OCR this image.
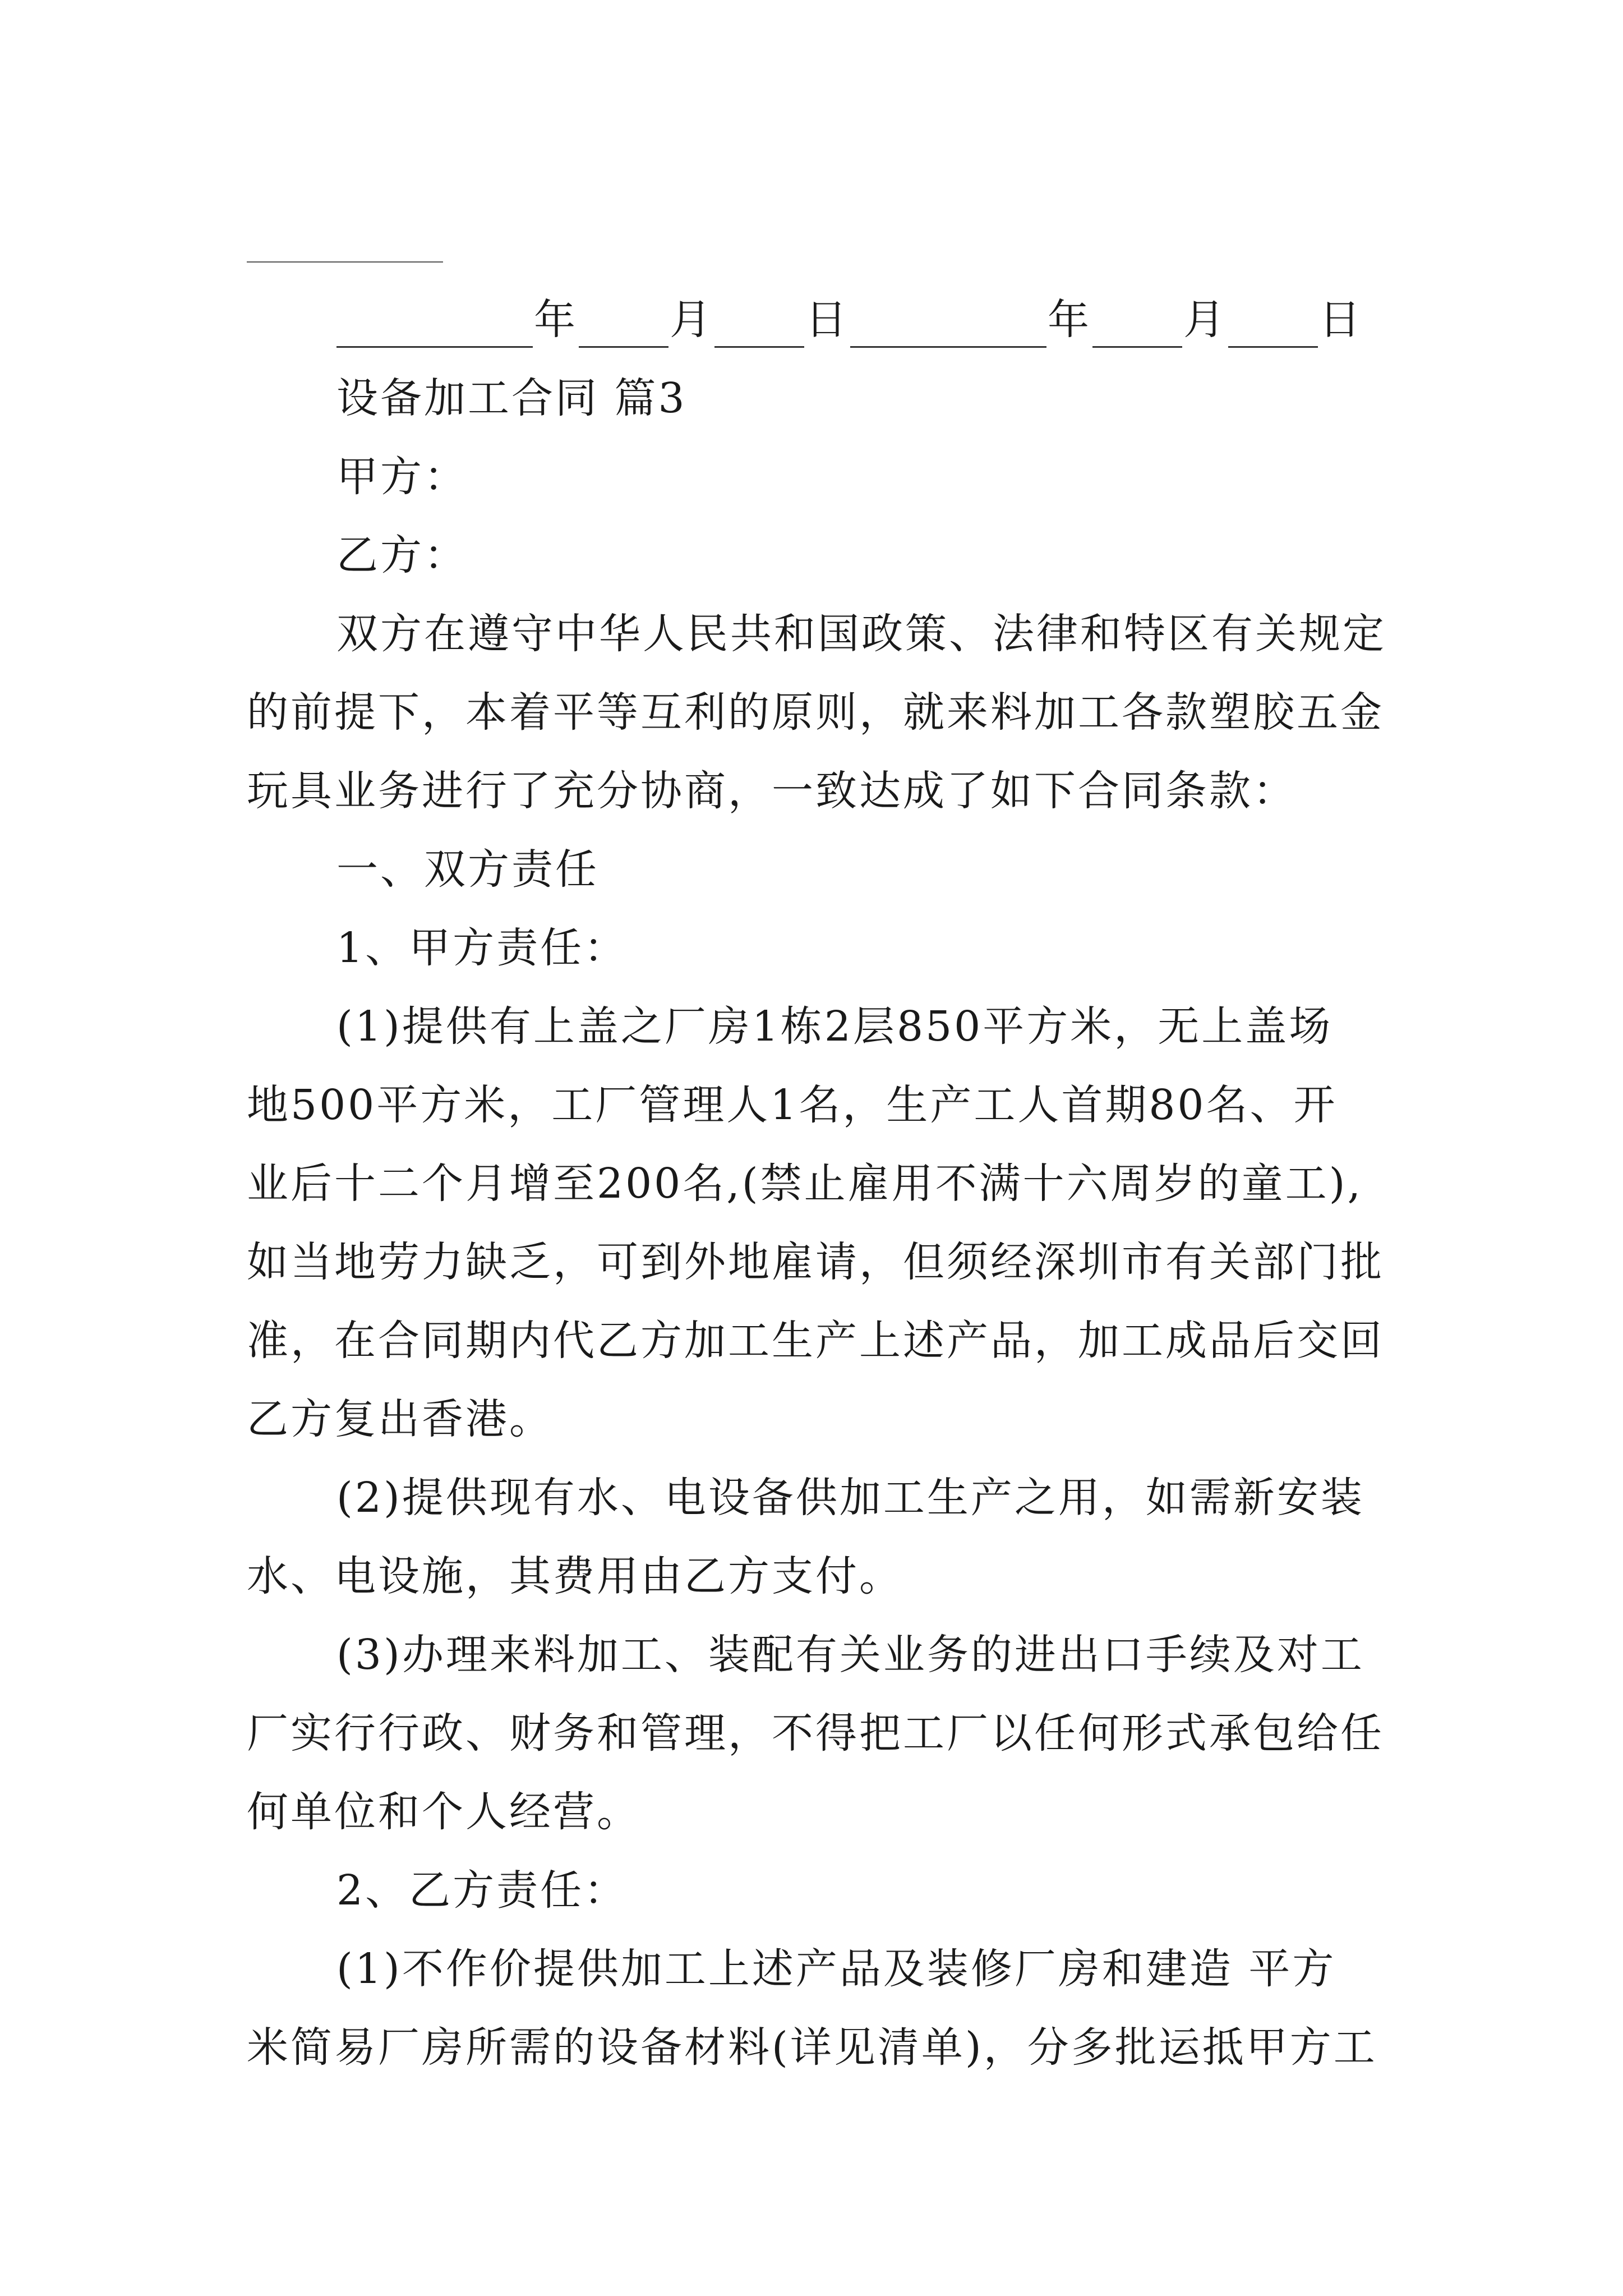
年 月 日	年 月 日
设备加工合同 篇3
甲方：
乙方：
双方在遵守中华人民共和国政策、法律和特区有关规定
的前提下，本着平等互利的原则，就来料加工各款塑胶五金
玩具业务进行了充分协商，一致达成了如下合同条款：
一、双方责任
1、甲方责任：
(1)提供有上盖之厂房1栋2层850平方米，无上盖场
地500平方米，工厂管理人1名，生产工人首期80名、开
业后十二个月增至200名,(禁止雇用不满十六周岁的童工),
如当地劳力缺乏，可到外地雇请，但须经深圳市有关部门批
准，在合同期内代乙方加工生产上述产品，加工成品后交回
乙方复出香港。
(2)提供现有水、电设备供加工生产之用，如需新安装
水、电设施，其费用由乙方支付。
(3)办理来料加工、装配有关业务的进出口手续及对工
厂实行行政、财务和管理，不得把工厂以任何形式承包给任
何单位和个人经营。
2、乙方责任：
(1)不作价提供加工上述产品及装修厂房和建造 平方
米简易厂房所需的设备材料(详见清单)，分多批运抵甲方工
